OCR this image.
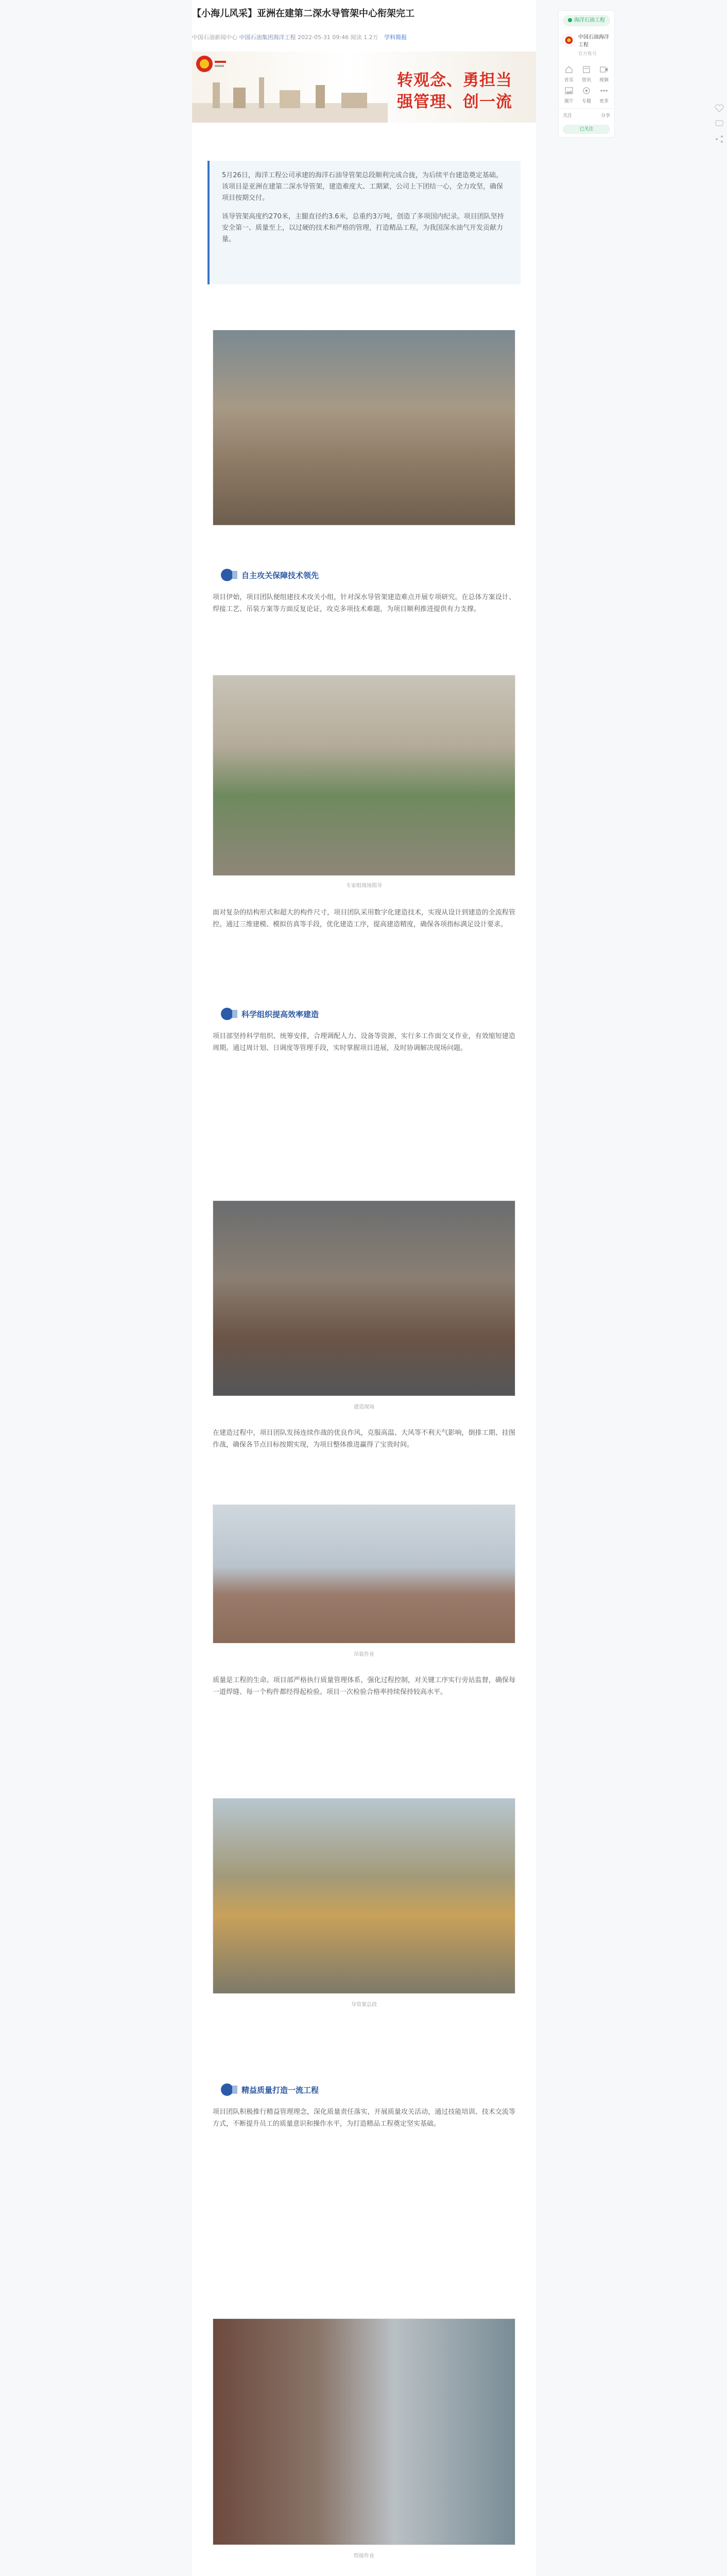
【小海儿风采】亚洲在建第二深水导管架中心衔架完工
中国石油新闻中心 中国石油集团海洋工程 2022-05-31 09:46 阅读 1.2万 学科简报
转观念、勇担当
强管理、创一流

5月26日，海洋工程公司承建的海洋石油导管架总段顺利完成合拢，为后续平台建造奠定基础。该项目是亚洲在建第二深水导管架，建造难度大、工期紧，公司上下团结一心，全力攻坚，确保项目按期交付。

该导管架高度约270米，主腿直径约3.6米，总重约3万吨，创造了多项国内纪录。项目团队坚持安全第一、质量至上，以过硬的技术和严格的管理，打造精品工程，为我国深水油气开发贡献力量。

自主攻关保障技术领先
项目伊始，项目团队便组建技术攻关小组，针对深水导管架建造难点开展专项研究。在总体方案设计、焊接工艺、吊装方案等方面反复论证，攻克多项技术难题，为项目顺利推进提供有力支撑。
专家组现场指导
面对复杂的结构形式和超大的构件尺寸，项目团队采用数字化建造技术，实现从设计到建造的全流程管控。通过三维建模、模拟仿真等手段，优化建造工序，提高建造精度，确保各项指标满足设计要求。
科学组织提高效率建造
项目部坚持科学组织、统筹安排，合理调配人力、设备等资源，实行多工作面交叉作业，有效缩短建造周期。通过周计划、日调度等管理手段，实时掌握项目进展，及时协调解决现场问题。
建造现场
在建造过程中，项目团队发扬连续作战的优良作风，克服高温、大风等不利天气影响，倒排工期、挂图作战，确保各节点目标按期实现，为项目整体推进赢得了宝贵时间。
吊装作业
质量是工程的生命。项目部严格执行质量管理体系，强化过程控制，对关键工序实行旁站监督，确保每一道焊缝、每一个构件都经得起检验。项目一次检验合格率持续保持较高水平。
导管架总段
精益质量打造一流工程
项目团队积极推行精益管理理念，深化质量责任落实，开展质量攻关活动，通过技能培训、技术交流等方式，不断提升员工的质量意识和操作水平，为打造精品工程奠定坚实基础。
焊接作业
海洋石油工程
中国石油海洋工程
官方账号
首页	资讯	视频
图片	专题	更多
关注	分享
已关注
